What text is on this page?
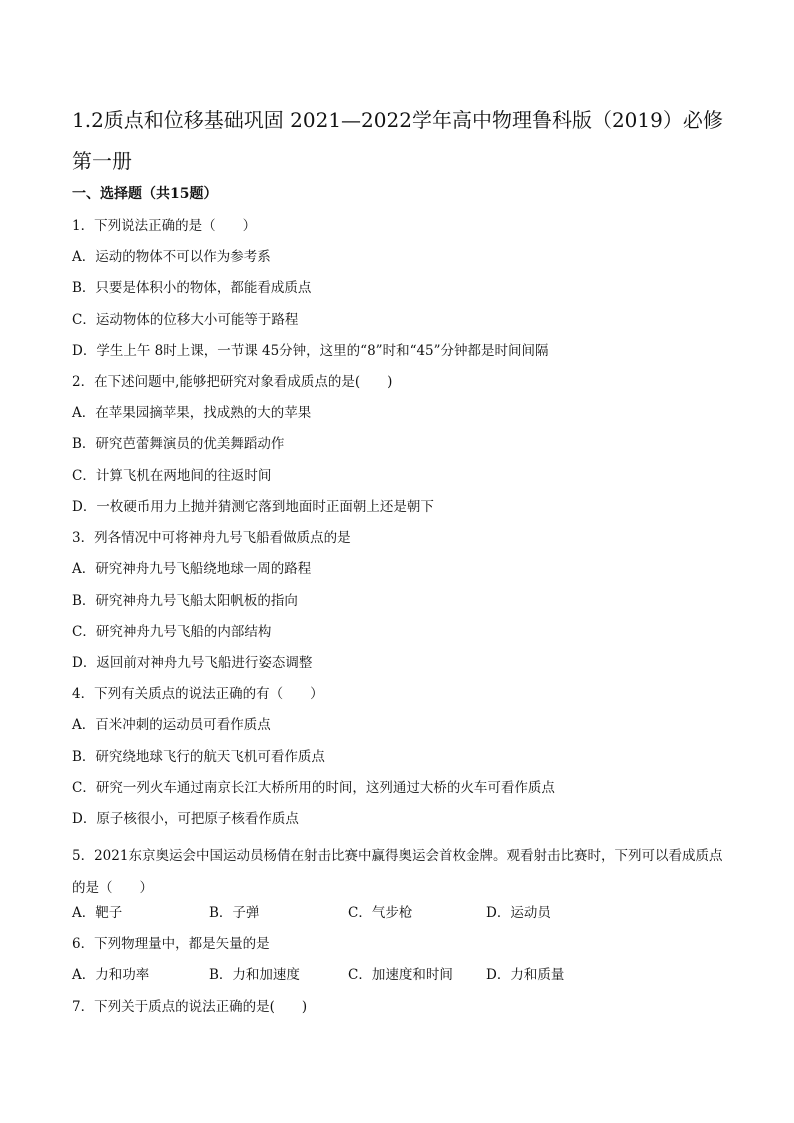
1.2质点和位移基础巩固 2021—2022学年高中物理鲁科版（2019）必修第一册
一、选择题（共15题）
1．下列说法正确的是（　　）
A．运动的物体不可以作为参考系
B．只要是体积小的物体，都能看成质点
C．运动物体的位移大小可能等于路程
D．学生上午 8时上课，一节课 45分钟，这里的“8”时和“45”分钟都是时间间隔
2．在下述问题中,能够把研究对象看成质点的是(　　)
A．在苹果园摘苹果，找成熟的大的苹果
B．研究芭蕾舞演员的优美舞蹈动作
C．计算飞机在两地间的往返时间
D．一枚硬币用力上抛并猜测它落到地面时正面朝上还是朝下
3．列各情况中可将神舟九号飞船看做质点的是
A．研究神舟九号飞船绕地球一周的路程
B．研究神舟九号飞船太阳帆板的指向
C．研究神舟九号飞船的内部结构
D．返回前对神舟九号飞船进行姿态调整
4．下列有关质点的说法正确的有（　　）
A．百米冲刺的运动员可看作质点
B．研究绕地球飞行的航天飞机可看作质点
C．研究一列火车通过南京长江大桥所用的时间，这列通过大桥的火车可看作质点
D．原子核很小，可把原子核看作质点
5．2021东京奥运会中国运动员杨倩在射击比赛中赢得奥运会首枚金牌。观看射击比赛时，下列可以看成质点的是（　　）
A．靶子	B．子弹	C．气步枪	D．运动员
6．下列物理量中，都是矢量的是
A．力和功率	B．力和加速度	C．加速度和时间 D．力和质量
7．下列关于质点的说法正确的是(　　)
